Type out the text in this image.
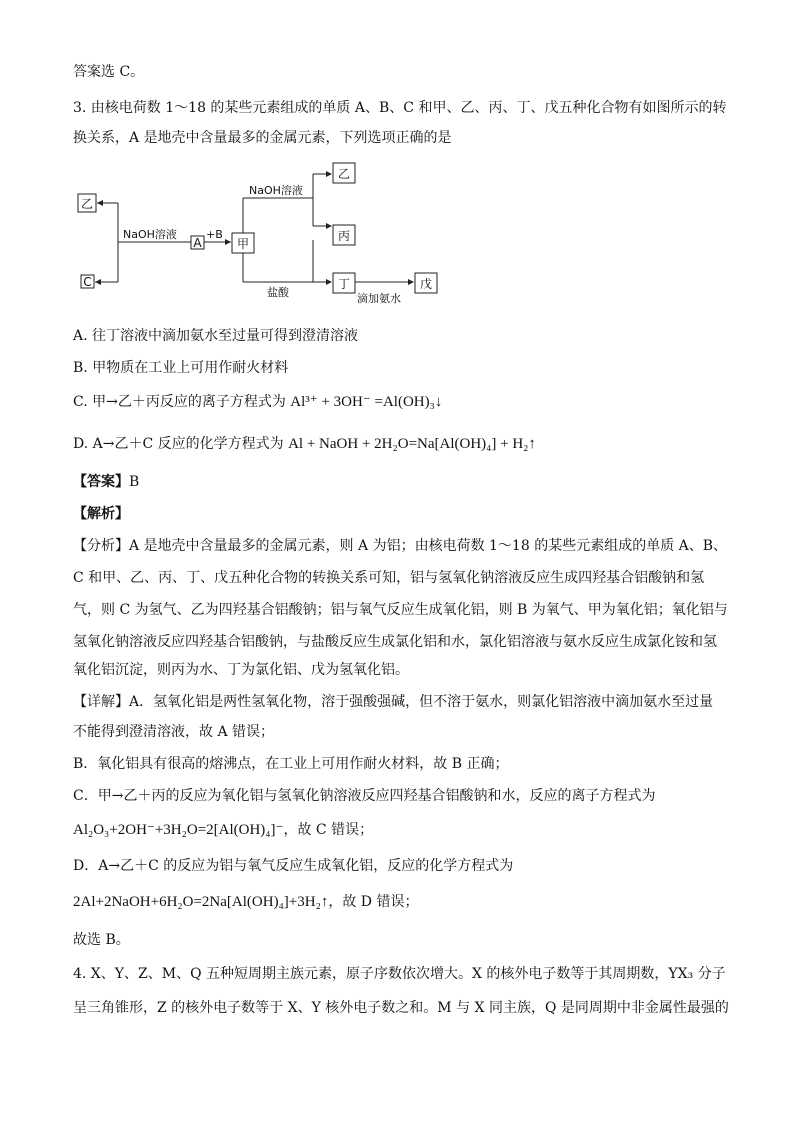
答案选 C。
3. 由核电荷数 1～18 的某些元素组成的单质 A、B、C 和甲、乙、丙、丁、戊五种化合物有如图所示的转
换关系，A 是地壳中含量最多的金属元素，下列选项正确的是
乙
C
NaOH溶液
A
+B
甲
NaOH溶液
乙
丙
盐酸
丁
滴加氨水
戊
A. 往丁溶液中滴加氨水至过量可得到澄清溶液
B. 甲物质在工业上可用作耐火材料
C. 甲→乙＋丙反应的离子方程式为 Al³⁺ + 3OH⁻ =Al(OH)₃↓
D. A→乙＋C 反应的化学方程式为 Al + NaOH + 2H₂O=Na[Al(OH)₄] + H₂↑
【答案】B
【解析】
【分析】A 是地壳中含量最多的金属元素，则 A 为铝；由核电荷数 1～18 的某些元素组成的单质 A、B、
C 和甲、乙、丙、丁、戊五种化合物的转换关系可知，铝与氢氧化钠溶液反应生成四羟基合铝酸钠和氢
气，则 C 为氢气、乙为四羟基合铝酸钠；铝与氧气反应生成氧化铝，则 B 为氧气、甲为氧化铝；氧化铝与
氢氧化钠溶液反应四羟基合铝酸钠，与盐酸反应生成氯化铝和水，氯化铝溶液与氨水反应生成氯化铵和氢
氧化铝沉淀，则丙为水、丁为氯化铝、戊为氢氧化铝。
【详解】A．氢氧化铝是两性氢氧化物，溶于强酸强碱，但不溶于氨水，则氯化铝溶液中滴加氨水至过量
不能得到澄清溶液，故 A 错误；
B．氧化铝具有很高的熔沸点，在工业上可用作耐火材料，故 B 正确；
C．甲→乙＋丙的反应为氧化铝与氢氧化钠溶液反应四羟基合铝酸钠和水，反应的离子方程式为
Al₂O₃+2OH⁻+3H₂O=2[Al(OH)₄]⁻，故 C 错误；
D．A→乙＋C 的反应为铝与氧气反应生成氧化铝，反应的化学方程式为
2Al+2NaOH+6H₂O=2Na[Al(OH)₄]+3H₂↑，故 D 错误；
故选 B。
4. X、Y、Z、M、Q 五种短周期主族元素，原子序数依次增大。X 的核外电子数等于其周期数，YX₃ 分子
呈三角锥形，Z 的核外电子数等于 X、Y 核外电子数之和。M 与 X 同主族，Q 是同周期中非金属性最强的
